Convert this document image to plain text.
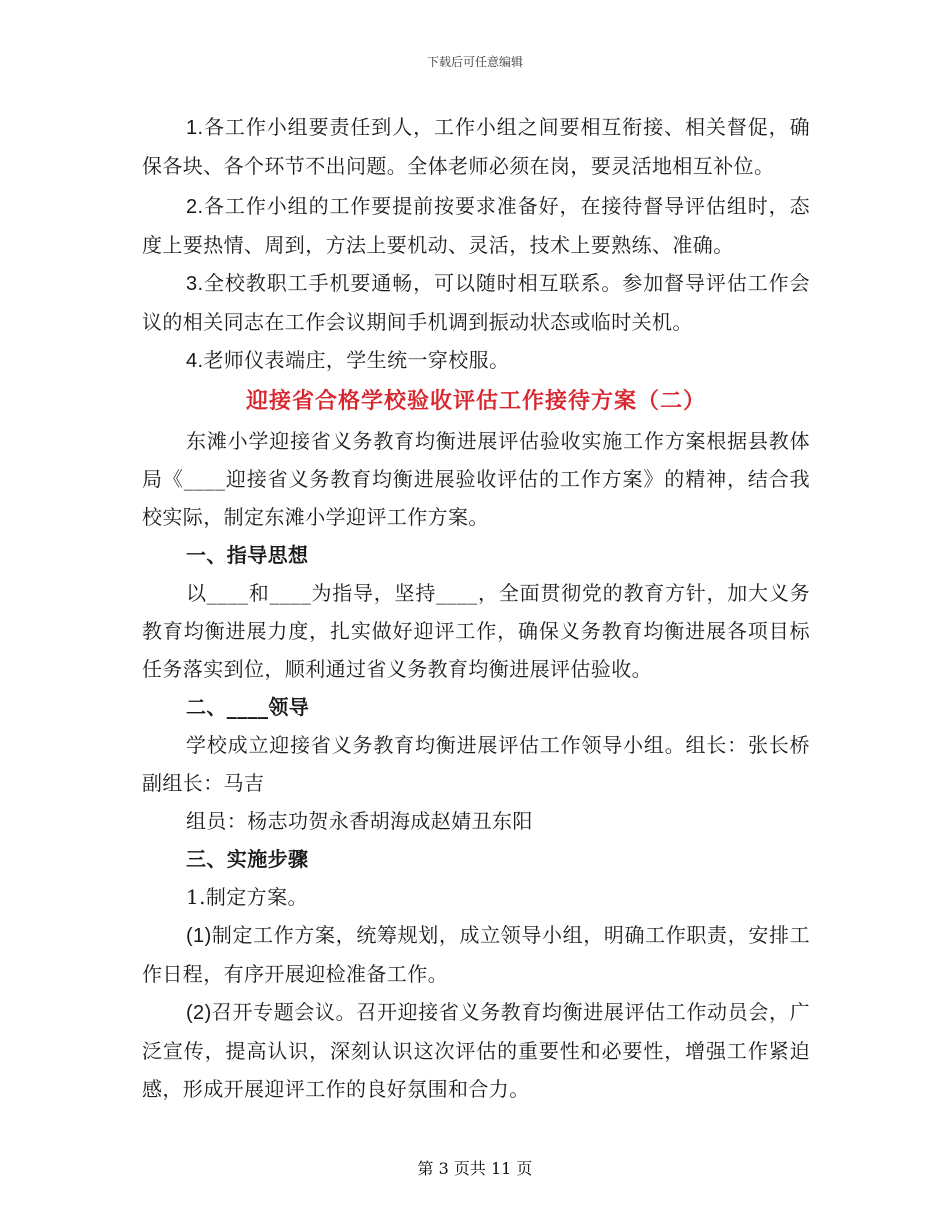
下载后可任意编辑

1.各工作小组要责任到人，工作小组之间要相互衔接、相关督促，确保各块、各个环节不出问题。全体老师必须在岗，要灵活地相互补位。

2.各工作小组的工作要提前按要求准备好，在接待督导评估组时，态度上要热情、周到，方法上要机动、灵活，技术上要熟练、准确。

3.全校教职工手机要通畅，可以随时相互联系。参加督导评估工作会议的相关同志在工作会议期间手机调到振动状态或临时关机。

4.老师仪表端庄，学生统一穿校服。

迎接省合格学校验收评估工作接待方案（二）

东滩小学迎接省义务教育均衡进展评估验收实施工作方案根据县教体局《____迎接省义务教育均衡进展验收评估的工作方案》的精神，结合我校实际，制定东滩小学迎评工作方案。

一、指导思想

以____和____为指导，坚持____，全面贯彻党的教育方针，加大义务教育均衡进展力度，扎实做好迎评工作，确保义务教育均衡进展各项目标任务落实到位，顺利通过省义务教育均衡进展评估验收。

二、____领导

学校成立迎接省义务教育均衡进展评估工作领导小组。组长：张长桥副组长：马吉

组员：杨志功贺永香胡海成赵婧丑东阳

三、实施步骤

1.制定方案。

(1)制定工作方案，统筹规划，成立领导小组，明确工作职责，安排工作日程，有序开展迎检准备工作。

(2)召开专题会议。召开迎接省义务教育均衡进展评估工作动员会，广泛宣传，提高认识，深刻认识这次评估的重要性和必要性，增强工作紧迫感，形成开展迎评工作的良好氛围和合力。

第 3 页共 11 页
